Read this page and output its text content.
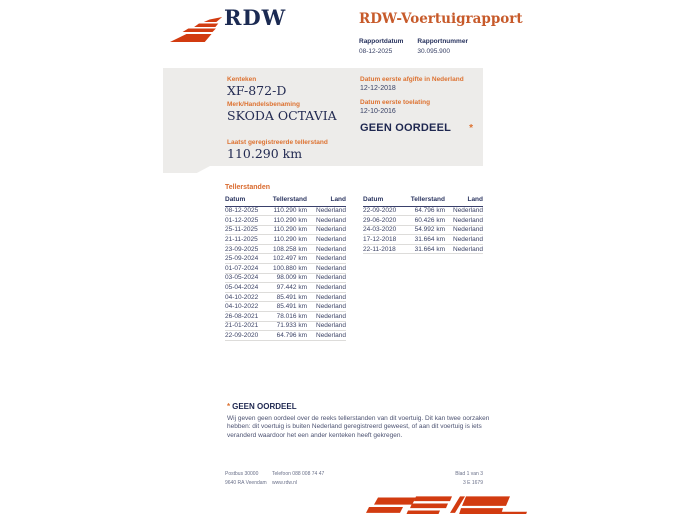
RDW	RDW-Voertuigrapport
Rapportdatum
08-12-2025
Rapportnummer
30.095.900
Kenteken
XF-872-D
Merk/Handelsbenaming
SKODA OCTAVIA
Laatst geregistreerde tellerstand
110.290 km
Datum eerste afgifte in Nederland
12-12-2018
Datum eerste toelating
12-10-2016
GEEN OORDEEL *
Tellerstanden
Datum	Tellerstand	Land
08-12-2025	110.290 km	Nederland
01-12-2025	110.290 km	Nederland
25-11-2025	110.290 km	Nederland
21-11-2025	110.290 km	Nederland
23-09-2025	108.258 km	Nederland
25-09-2024	102.497 km	Nederland
01-07-2024	100.880 km	Nederland
03-05-2024	98.009 km	Nederland
05-04-2024	97.442 km	Nederland
04-10-2022	85.491 km	Nederland
04-10-2022	85.491 km	Nederland
26-08-2021	78.016 km	Nederland
21-01-2021	71.933 km	Nederland
22-09-2020	64.796 km	Nederland
Datum	Tellerstand	Land
22-09-2020	64.796 km	Nederland
29-06-2020	60.426 km	Nederland
24-03-2020	54.992 km	Nederland
17-12-2018	31.664 km	Nederland
22-11-2018	31.664 km	Nederland
* GEEN OORDEEL
Wij geven geen oordeel over de reeks tellerstanden van dit voertuig. Dit kan twee oorzaken hebben: dit voertuig is buiten Nederland geregistreerd geweest, of aan dit voertuig is iets veranderd waardoor het een ander kenteken heeft gekregen.
Postbus 30000
9640 RA Veendam
Telefoon 088 008 74 47
www.rdw.nl
Blad 1 van 3
3 E 1679
